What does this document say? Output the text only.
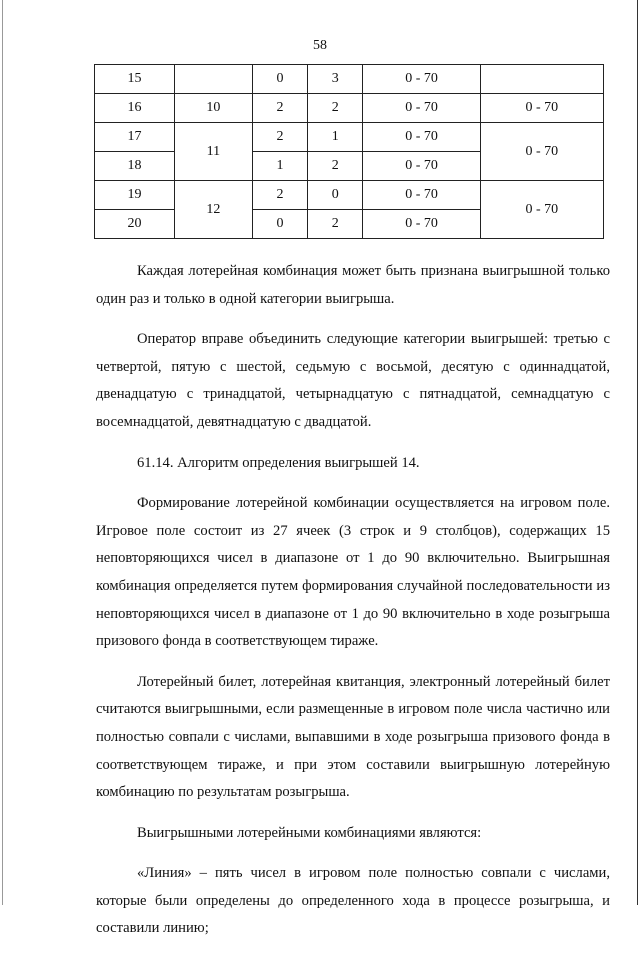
58
15		0	3	0 - 70	
16	10	2	2	0 - 70	0 - 70
17	11	2	1	0 - 70	0 - 70
18		1	2	0 - 70	
19	12	2	0	0 - 70	0 - 70
20		0	2	0 - 70	

Каждая лотерейная комбинация может быть признана выигрышной только один раз и только в одной категории выигрыша.

Оператор вправе объединить следующие категории выигрышей: третью с четвертой, пятую с шестой, седьмую с восьмой, десятую с одиннадцатой, двенадцатую с тринадцатой, четырнадцатую с пятнадцатой, семнадцатую с восемнадцатой, девятнадцатую с двадцатой.

61.14. Алгоритм определения выигрышей 14.

Формирование лотерейной комбинации осуществляется на игровом поле. Игровое поле состоит из 27 ячеек (3 строк и 9 столбцов), содержащих 15 неповторяющихся чисел в диапазоне от 1 до 90 включительно. Выигрышная комбинация определяется путем формирования случайной последовательности из неповторяющихся чисел в диапазоне от 1 до 90 включительно в ходе розыгрыша призового фонда в соответствующем тираже.

Лотерейный билет, лотерейная квитанция, электронный лотерейный билет считаются выигрышными, если размещенные в игровом поле числа частично или полностью совпали с числами, выпавшими в ходе розыгрыша призового фонда в соответствующем тираже, и при этом составили выигрышную лотерейную комбинацию по результатам розыгрыша.

Выигрышными лотерейными комбинациями являются:

«Линия» – пять чисел в игровом поле полностью совпали с числами, которые были определены до определенного хода в процессе розыгрыша, и составили линию;
